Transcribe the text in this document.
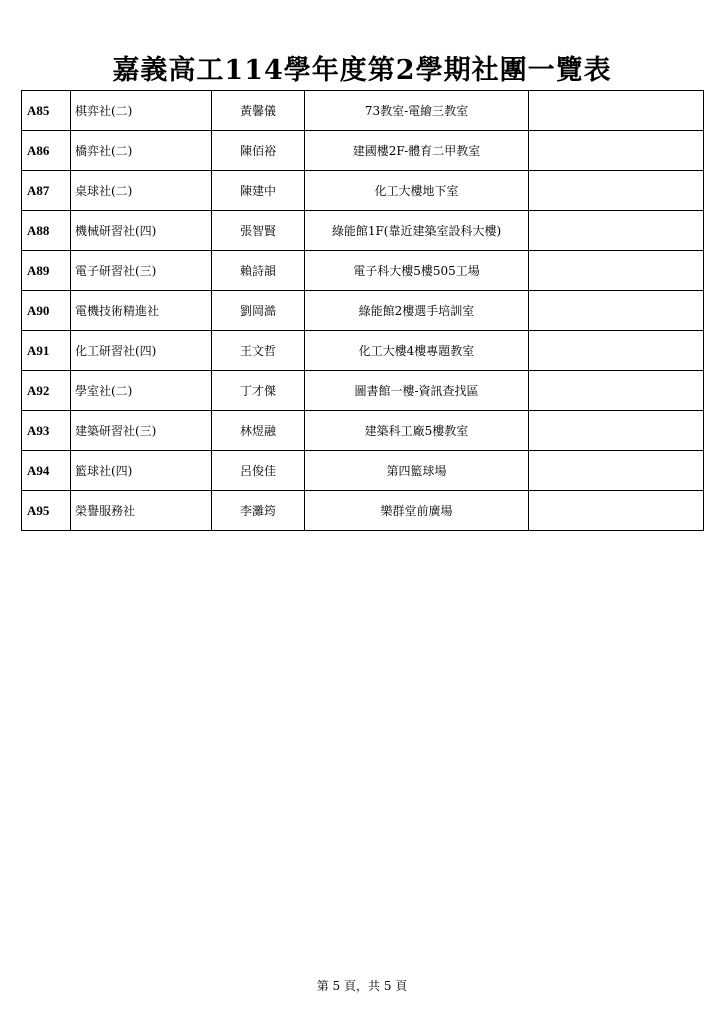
嘉義高工114學年度第2學期社團一覽表
A85	棋弈社(二)	黃馨儀	73教室-電繪三教室	
A86	橋弈社(二)	陳佰裕	建國樓2F-體育二甲教室	
A87	桌球社(二)	陳建中	化工大樓地下室	
A88	機械研習社(四)	張智賢	綠能館1F(靠近建築室設科大樓)	
A89	電子研習社(三)	賴詩韻	電子科大樓5樓505工場	
A90	電機技術精進社	劉岡澔	綠能館2樓選手培訓室	
A91	化工研習社(四)	王文哲	化工大樓4樓專題教室	
A92	學室社(二)	丁才傑	圖書館一樓-資訊查找區	
A93	建築研習社(三)	林煜融	建築科工廠5樓教室	
A94	籃球社(四)	呂俊佳	第四籃球場	
A95	榮譽服務社	李灘筠	樂群堂前廣場	
第 5 頁，共 5 頁
